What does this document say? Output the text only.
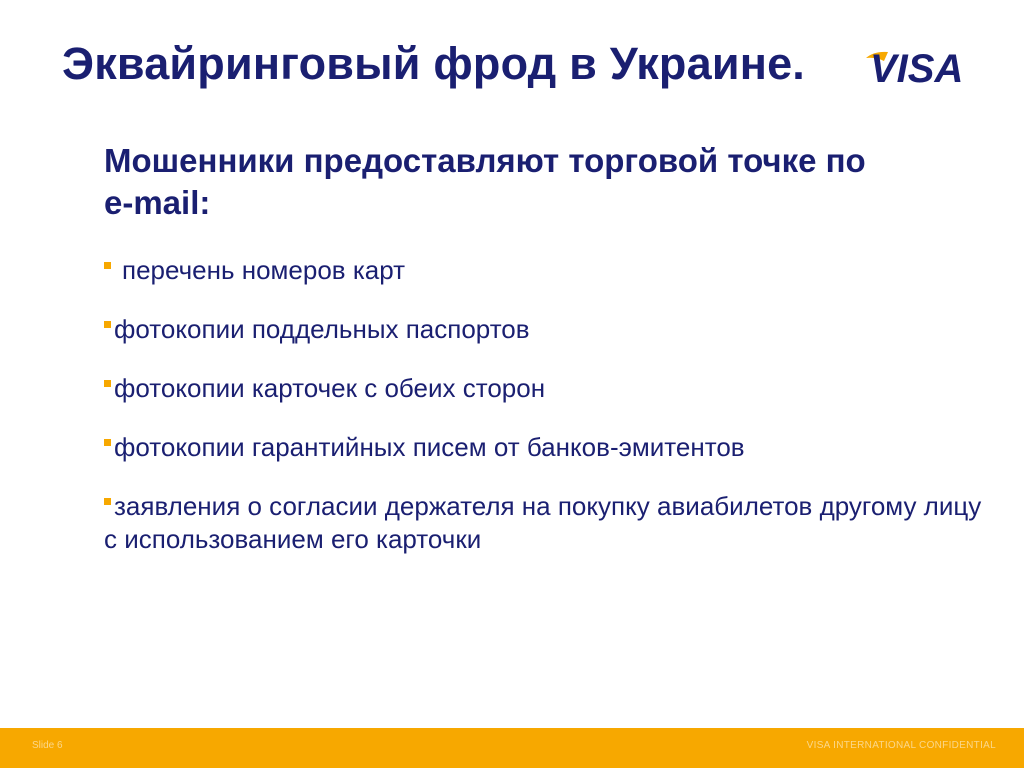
Эквайринговый фрод в Украине. VISA
Мошенники предоставляют торговой точке по e-mail:
перечень номеров карт
фотокопии поддельных паспортов
фотокопии карточек с обеих сторон
фотокопии гарантийных писем от банков-эмитентов
заявления о согласии держателя на покупку авиабилетов другому лицу с использованием его карточки
Slide 6	VISA INTERNATIONAL CONFIDENTIAL
